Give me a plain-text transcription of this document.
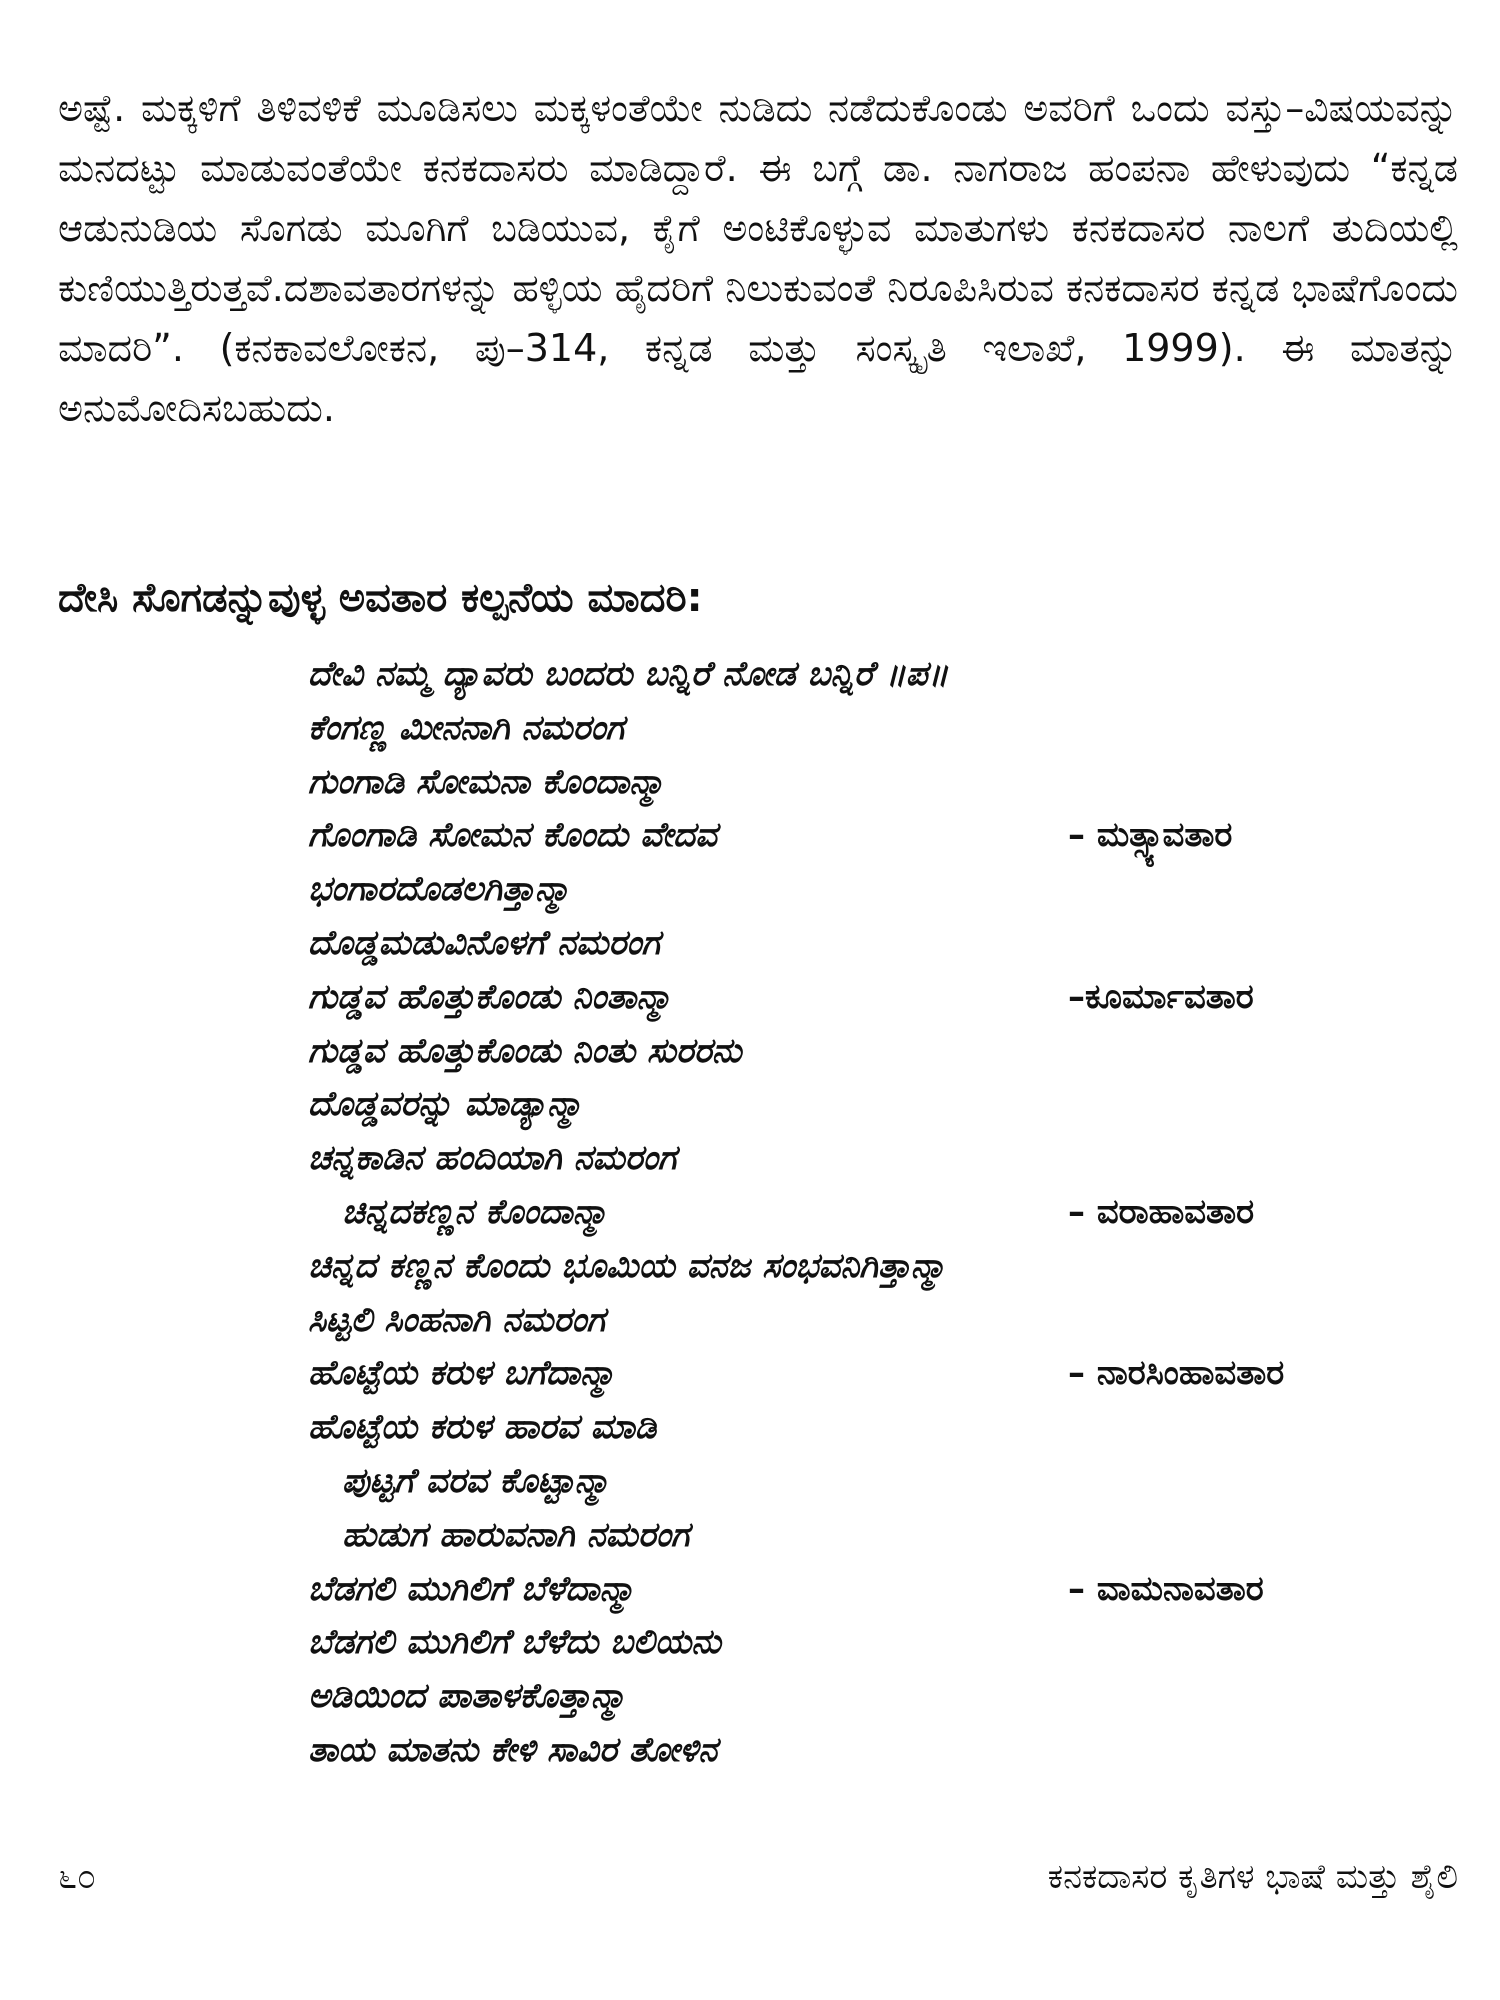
ಅಷ್ಟೆ. ಮಕ್ಕಳಿಗೆ ತಿಳಿವಳಿಕೆ ಮೂಡಿಸಲು ಮಕ್ಕಳಂತೆಯೇ ನುಡಿದು ನಡೆದುಕೊಂಡು ಅವರಿಗೆ ಒಂದು ವಸ್ತು–ವಿಷಯವನ್ನು ಮನದಟ್ಟು ಮಾಡುವಂತೆಯೇ ಕನಕದಾಸರು ಮಾಡಿದ್ದಾರೆ. ಈ ಬಗ್ಗೆ ಡಾ. ನಾಗರಾಜ ಹಂಪನಾ ಹೇಳುವುದು “ಕನ್ನಡ ಆಡುನುಡಿಯ ಸೊಗಡು ಮೂಗಿಗೆ ಬಡಿಯುವ, ಕೈಗೆ ಅಂಟಿಕೊಳ್ಳುವ ಮಾತುಗಳು ಕನಕದಾಸರ ನಾಲಗೆ ತುದಿಯಲ್ಲಿ ಕುಣಿಯುತ್ತಿರುತ್ತವೆ.ದಶಾವತಾರಗಳನ್ನು ಹಳ್ಳಿಯ ಹೈದರಿಗೆ ನಿಲುಕುವಂತೆ ನಿರೂಪಿಸಿರುವ ಕನಕದಾಸರ ಕನ್ನಡ ಭಾಷೆಗೊಂದು ಮಾದರಿ”. (ಕನಕಾವಲೋಕನ, ಪು–314, ಕನ್ನಡ ಮತ್ತು ಸಂಸ್ಕೃತಿ ಇಲಾಖೆ, 1999). ಈ ಮಾತನ್ನು ಅನುಮೋದಿಸಬಹುದು.

ದೇಸಿ ಸೊಗಡನ್ನುವುಳ್ಳ ಅವತಾರ ಕಲ್ಪನೆಯ ಮಾದರಿ:
ದೇವಿ ನಮ್ಮ ದ್ಯಾವರು ಬಂದರು ಬನ್ನಿರೆ ನೋಡ ಬನ್ನಿರೆ ॥ಪ॥
ಕೆಂಗಣ್ಣ ಮೀನನಾಗಿ ನಮರಂಗ
ಗುಂಗಾಡಿ ಸೋಮನಾ ಕೊಂದಾನ್ಮಾ
ಗೊಂಗಾಡಿ ಸೋಮನ ಕೊಂದು ವೇದವ	– ಮತ್ಸ್ಯಾವತಾರ
ಭಂಗಾರದೊಡಲಗಿತ್ತಾನ್ಮಾ
ದೊಡ್ಡಮಡುವಿನೊಳಗೆ ನಮರಂಗ
ಗುಡ್ಡವ ಹೊತ್ತುಕೊಂಡು ನಿಂತಾನ್ಮಾ	–ಕೂರ್ಮಾವತಾರ
ಗುಡ್ಡವ ಹೊತ್ತುಕೊಂಡು ನಿಂತು ಸುರರನು
ದೊಡ್ಡವರನ್ನು ಮಾಡ್ಯಾನ್ಮಾ
ಚನ್ನಕಾಡಿನ ಹಂದಿಯಾಗಿ ನಮರಂಗ
ಚಿನ್ನದಕಣ್ಣನ ಕೊಂದಾನ್ಮಾ	– ವರಾಹಾವತಾರ
ಚಿನ್ನದ ಕಣ್ಣನ ಕೊಂದು ಭೂಮಿಯ ವನಜ ಸಂಭವನಿಗಿತ್ತಾನ್ಮಾ
ಸಿಟ್ಟಲಿ ಸಿಂಹನಾಗಿ ನಮರಂಗ
ಹೊಟ್ಟೆಯ ಕರುಳ ಬಗೆದಾನ್ಮಾ	– ನಾರಸಿಂಹಾವತಾರ
ಹೊಟ್ಟೆಯ ಕರುಳ ಹಾರವ ಮಾಡಿ
ಪುಟ್ಟಗೆ ವರವ ಕೊಟ್ಟಾನ್ಮಾ
ಹುಡುಗ ಹಾರುವನಾಗಿ ನಮರಂಗ
ಬೆಡಗಲಿ ಮುಗಿಲಿಗೆ ಬೆಳೆದಾನ್ಮಾ	– ವಾಮನಾವತಾರ
ಬೆಡಗಲಿ ಮುಗಿಲಿಗೆ ಬೆಳೆದು ಬಲಿಯನು
ಅಡಿಯಿಂದ ಪಾತಾಳಕೊತ್ತಾನ್ಮಾ
ತಾಯ ಮಾತನು ಕೇಳಿ ಸಾವಿರ ತೋಳಿನ
೬೦	ಕನಕದಾಸರ ಕೃತಿಗಳ ಭಾಷೆ ಮತ್ತು ಶೈಲಿ
